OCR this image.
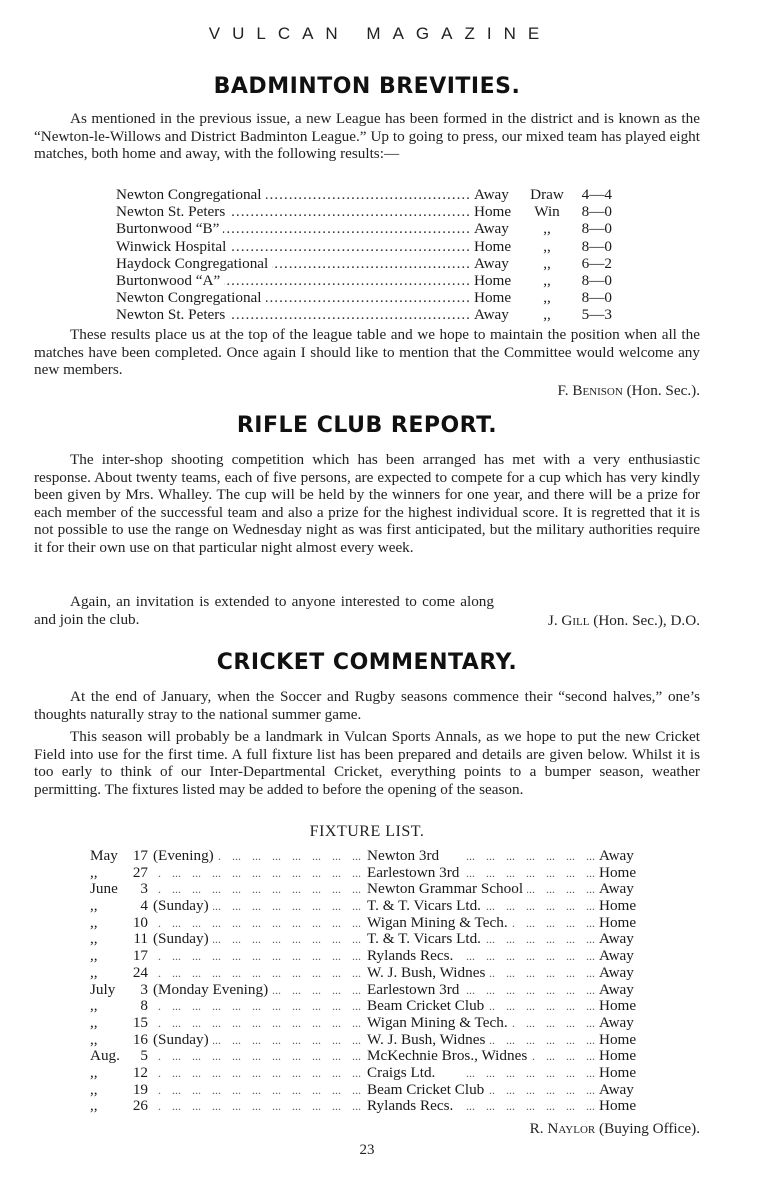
VULCAN MAGAZINE
BADMINTON BREVITIES.

As mentioned in the previous issue, a new League has been formed in the district and is known as the “Newton-le-Willows and District Badminton League.” Up to going to press, our mixed team has played eight matches, both home and away, with the following results:—

Newton Congregational .....	Away	Draw	4—4
Newton St. Peters .....	Home	Win	8—0
Burtonwood “B” .....	Away	,,	8—0
Winwick Hospital .....	Home	,,	8—0
Haydock Congregational .....	Away	,,	6—2
Burtonwood “A” .....	Home	,,	8—0
Newton Congregational .....	Home	,,	8—0
Newton St. Peters .....	Away	,,	5—3

These results place us at the top of the league table and we hope to maintain the position when all the matches have been completed. Once again I should like to mention that the Committee would welcome any new members.

F. Benison (Hon. Sec.).
RIFLE CLUB REPORT.

The inter-shop shooting competition which has been arranged has met with a very enthusiastic response. About twenty teams, each of five persons, are expected to compete for a cup which has very kindly been given by Mrs. Whalley. The cup will be held by the winners for one year, and there will be a prize for each member of the successful team and also a prize for the highest individual score. It is regretted that it is not possible to use the range on Wednesday night as was first anticipated, but the military authorities require it for their own use on that particular night almost every week.

Again, an invitation is extended to anyone interested to come along and join the club.	J. Gill (Hon. Sec.), D.O.
CRICKET COMMENTARY.

At the end of January, when the Soccer and Rugby seasons commence their “second halves,” one’s thoughts naturally stray to the national summer game.

This season will probably be a landmark in Vulcan Sports Annals, as we hope to put the new Cricket Field into use for the first time. A full fixture list has been prepared and details are given below. Whilst it is too early to think of our Inter-Departmental Cricket, everything points to a bumper season, weather permitting. The fixtures listed may be added to before the opening of the season.

FIXTURE LIST.
May 17 (Evening) ...	Newton 3rd ...	Away
,,	27 ...	Earlestown 3rd ...	Home
June	3 ...	Newton Grammar School ...	Away
,,	4 (Sunday) ...	T. & T. Vicars Ltd. ...	Home
,,	10 ...	Wigan Mining & Tech. ...	Home
,,	11 (Sunday) ...	T. & T. Vicars Ltd. ...	Away
,,	17 ...	Rylands Recs. ...	Away
,,	24 ...	W. J. Bush, Widnes ...	Away
July	3 (Monday Evening) ...	Earlestown 3rd ...	Away
,,	8 ...	Beam Cricket Club ...	Home
,,	15 ...	Wigan Mining & Tech. ...	Away
,,	16 (Sunday) ...	W. J. Bush, Widnes ...	Home
Aug.	5 ...	McKechnie Bros., Widnes ...	Home
,,	12 ...	Craigs Ltd. ...	Home
,,	19 ...	Beam Cricket Club ...	Away
,,	26 ...	Rylands Recs. ...	Home
R. Naylor (Buying Office).
23
